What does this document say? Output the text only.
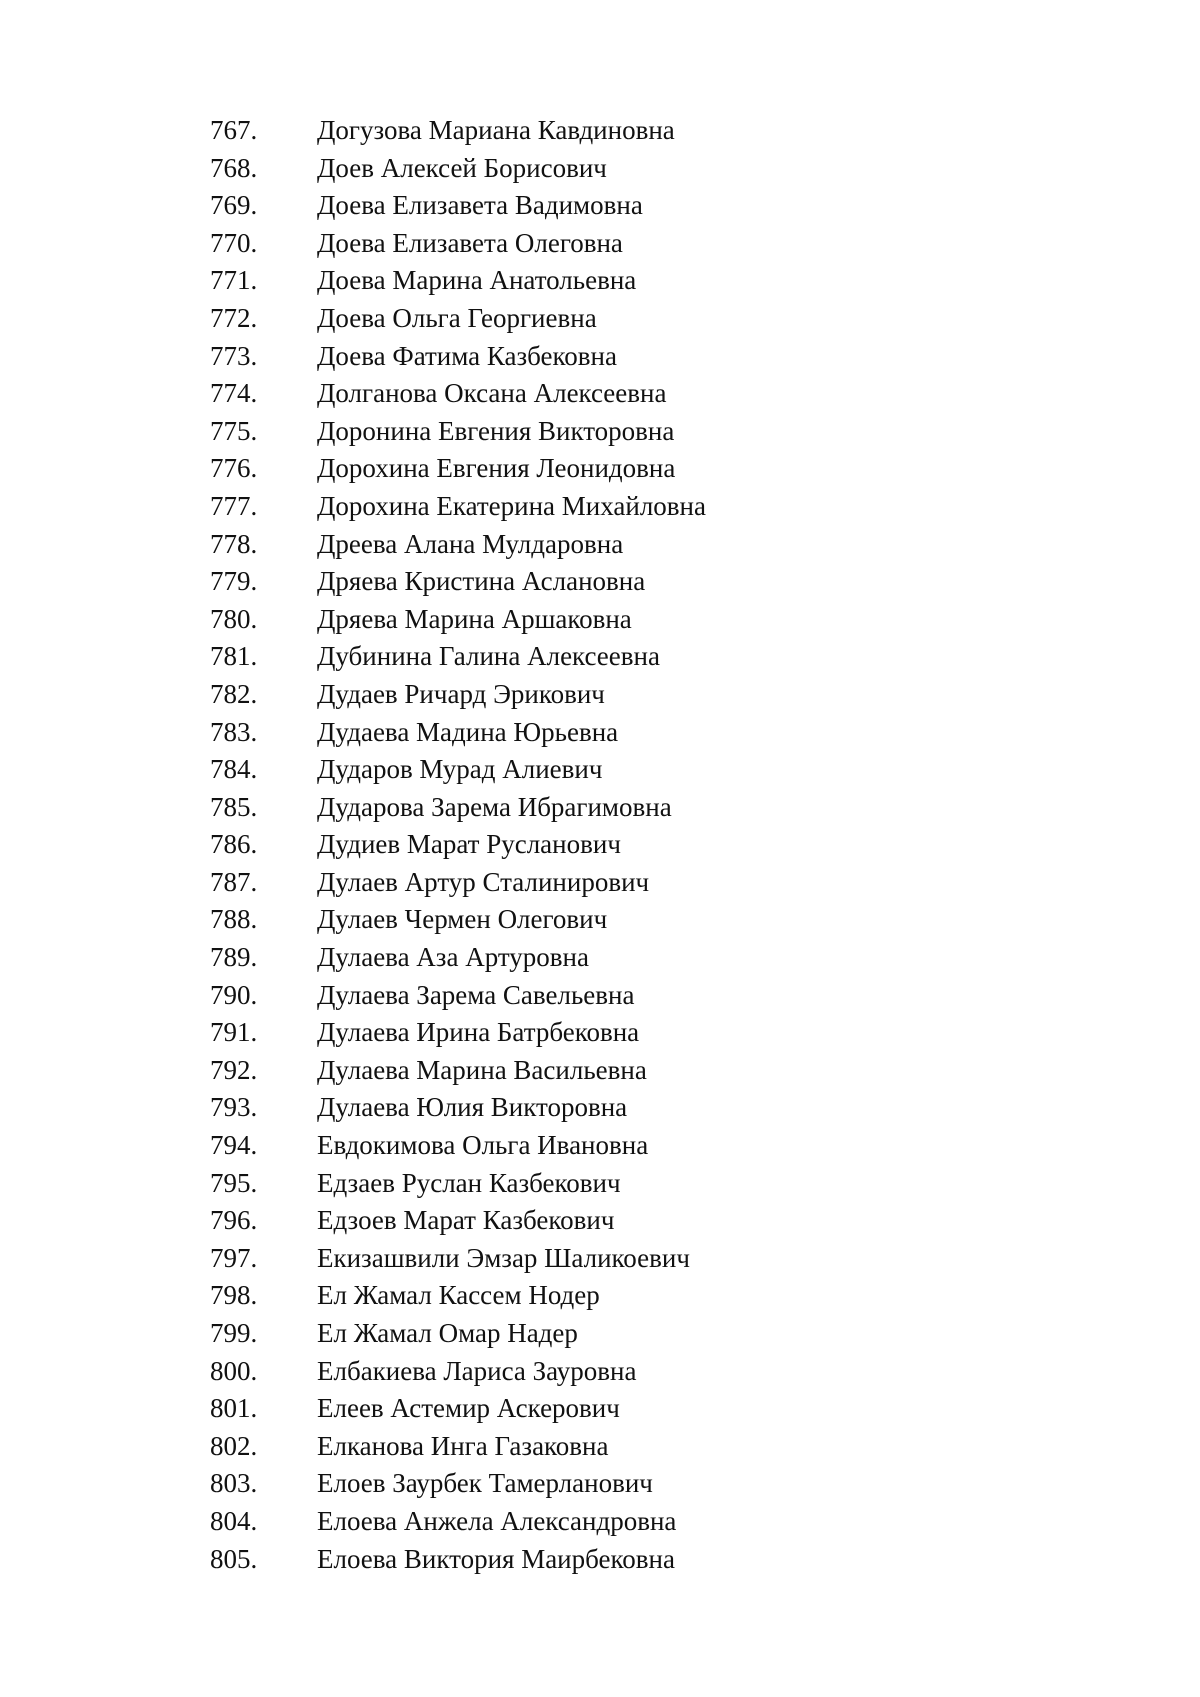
767.	Догузова Мариана Кавдиновна
768.	Доев Алексей Борисович
769.	Доева Елизавета Вадимовна
770.	Доева Елизавета Олеговна
771.	Доева Марина Анатольевна
772.	Доева Ольга Георгиевна
773.	Доева Фатима Казбековна
774.	Долганова Оксана Алексеевна
775.	Доронина Евгения Викторовна
776.	Дорохина Евгения Леонидовна
777.	Дорохина Екатерина Михайловна
778.	Дреева Алана Мулдаровна
779.	Дряева Кристина Аслановна
780.	Дряева Марина Аршаковна
781.	Дубинина Галина Алексеевна
782.	Дудаев Ричард Эрикович
783.	Дудаева Мадина Юрьевна
784.	Дударов Мурад Алиевич
785.	Дударова Зарема Ибрагимовна
786.	Дудиев Марат Русланович
787.	Дулаев Артур Сталинирович
788.	Дулаев Чермен Олегович
789.	Дулаева Аза Артуровна
790.	Дулаева Зарема Савельевна
791.	Дулаева Ирина Батрбековна
792.	Дулаева Марина Васильевна
793.	Дулаева Юлия Викторовна
794.	Евдокимова Ольга Ивановна
795.	Едзаев Руслан Казбекович
796.	Едзоев Марат Казбекович
797.	Екизашвили Эмзар Шаликоевич
798.	Ел Жамал Кассем Нодер
799.	Ел Жамал Омар Надер
800.	Елбакиева Лариса Зауровна
801.	Елеев Астемир Аскерович
802.	Елканова Инга Газаковна
803.	Елоев Заурбек Тамерланович
804.	Елоева Анжела Александровна
805.	Елоева Виктория Маирбековна
